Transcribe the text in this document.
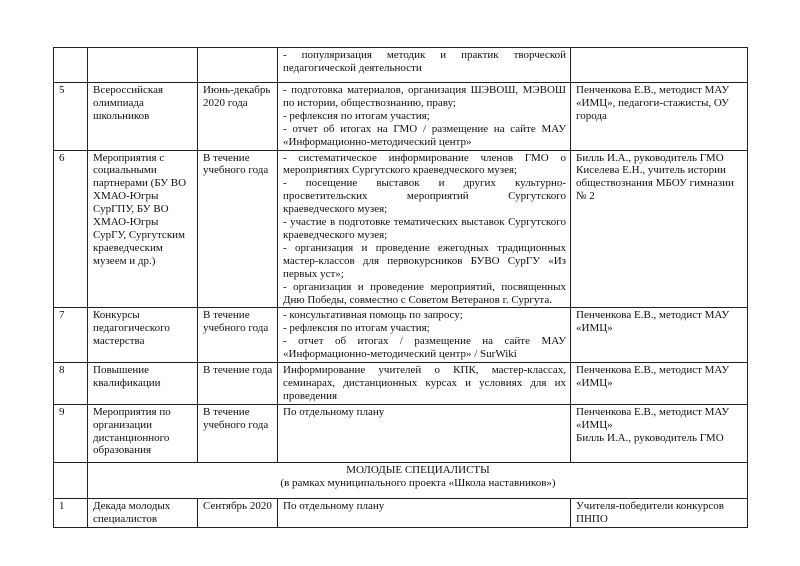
			- популяризация методик и практик творческой педагогической деятельности	

5	Всероссийская олимпиада школьников	Июнь-декабрь 2020 года	- подготовка материалов, организация ШЭВОШ, МЭВОШ по истории, обществознанию, праву;
- рефлексия по итогам участия;
- отчет об итогах на ГМО / размещение на сайте МАУ «Информационно-методический центр»	Пенченкова Е.В., методист МАУ «ИМЦ», педагоги-стажисты, ОУ города

6	Мероприятия с социальными партнерами (БУ ВО ХМАО-Югры СурГПУ, БУ ВО ХМАО-Югры СурГУ, Сургутским краеведческим музеем и др.)	В течение учебного года	- систематическое информирование членов ГМО о мероприятиях Сургутского краеведческого музея;
- посещение выставок и других культурно-просветительских мероприятий Сургутского краеведческого музея;
- участие в подготовке тематических выставок Сургутского краеведческого музея;
- организация и проведение ежегодных традиционных мастер-классов для первокурсников БУВО СурГУ «Из первых уст»;
- организация и проведение мероприятий, посвященных Дню Победы, совместно с Советом Ветеранов г. Сургута.	Билль И.А., руководитель ГМО
Киселева Е.Н., учитель истории обществознания МБОУ гимназии № 2

7	Конкурсы педагогического мастерства	В течение учебного года	- консультативная помощь по запросу;
- рефлексия по итогам участия;
- отчет об итогах / размещение на сайте МАУ «Информационно-методический центр» / SurWiki	Пенченкова Е.В., методист МАУ «ИМЦ»

8	Повышение квалификации	В течение года	Информирование учителей о КПК, мастер-классах, семинарах, дистанционных курсах и условиях для их проведения	Пенченкова Е.В., методист МАУ «ИМЦ»

9	Мероприятия по организации дистанционного образования	В течение учебного года	По отдельному плану	Пенченкова Е.В., методист МАУ «ИМЦ»
Билль И.А., руководитель ГМО

	МОЛОДЫЕ СПЕЦИАЛИСТЫ
(в рамках муниципального проекта «Школа наставников»)			

1	Декада молодых специалистов	Сентябрь 2020	По отдельному плану	Учителя-победители конкурсов ПНПО
